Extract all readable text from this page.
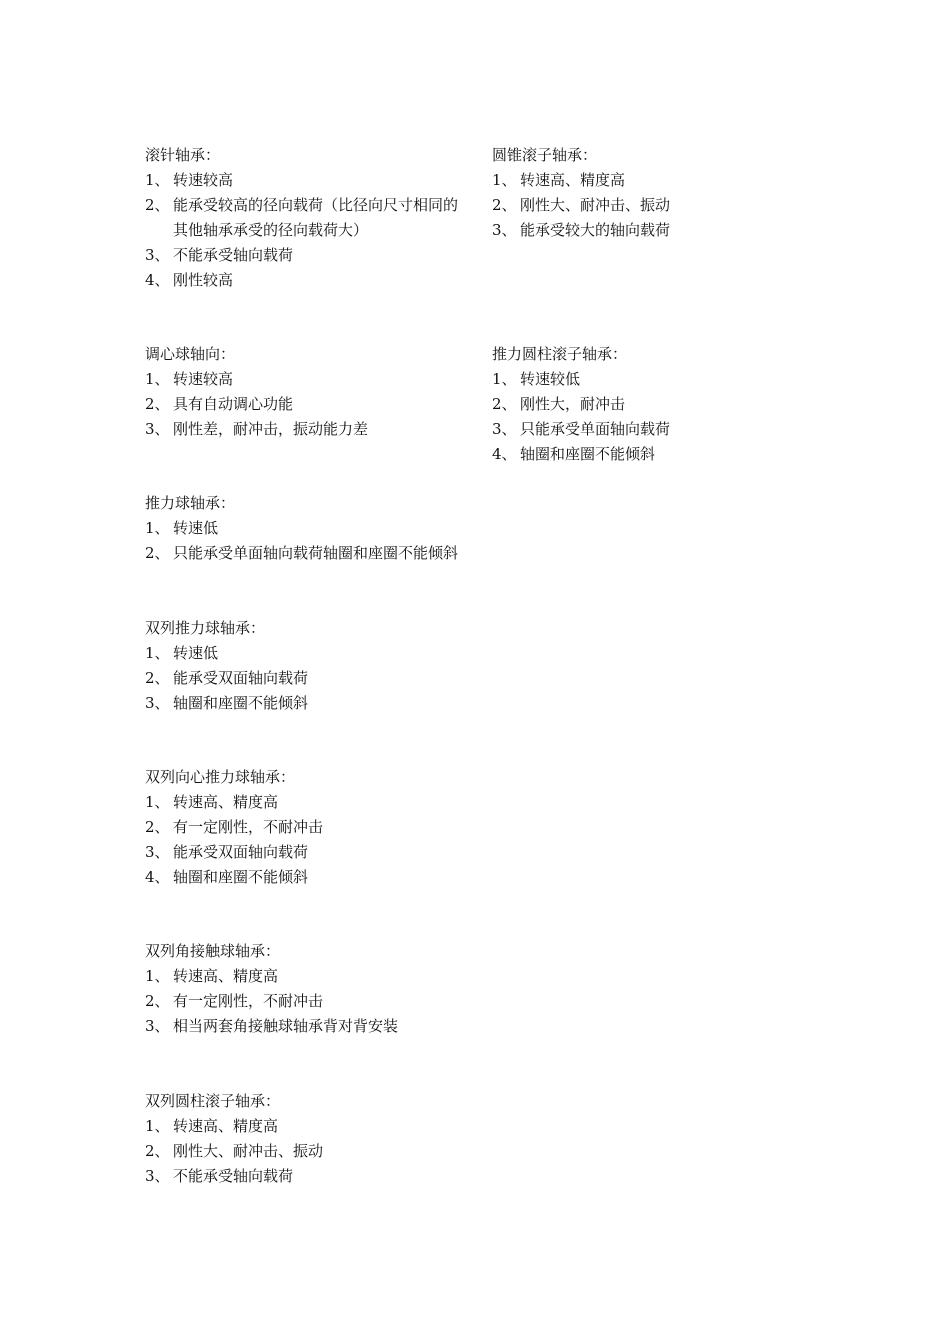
滚针轴承：

1、 转速较高
2、 能承受较高的径向载荷（比径向尺寸相同的其他轴承承受的径向载荷大）
3、 不能承受轴向载荷
4、 刚性较高

调心球轴向：

1、 转速较高
2、 具有自动调心功能
3、 刚性差，耐冲击，振动能力差

推力球轴承：

1、 转速低
2、 只能承受单面轴向载荷轴圈和座圈不能倾斜

双列推力球轴承：

1、 转速低
2、 能承受双面轴向载荷
3、 轴圈和座圈不能倾斜

双列向心推力球轴承：

1、 转速高、精度高
2、 有一定刚性，不耐冲击
3、 能承受双面轴向载荷
4、 轴圈和座圈不能倾斜

双列角接触球轴承：

1、 转速高、精度高
2、 有一定刚性，不耐冲击
3、 相当两套角接触球轴承背对背安装

双列圆柱滚子轴承：

1、 转速高、精度高
2、 刚性大、耐冲击、振动
3、 不能承受轴向载荷

圆锥滚子轴承：

1、 转速高、精度高
2、 刚性大、耐冲击、振动
3、 能承受较大的轴向载荷

推力圆柱滚子轴承：

1、 转速较低
2、 刚性大，耐冲击
3、 只能承受单面轴向载荷
4、 轴圈和座圈不能倾斜
